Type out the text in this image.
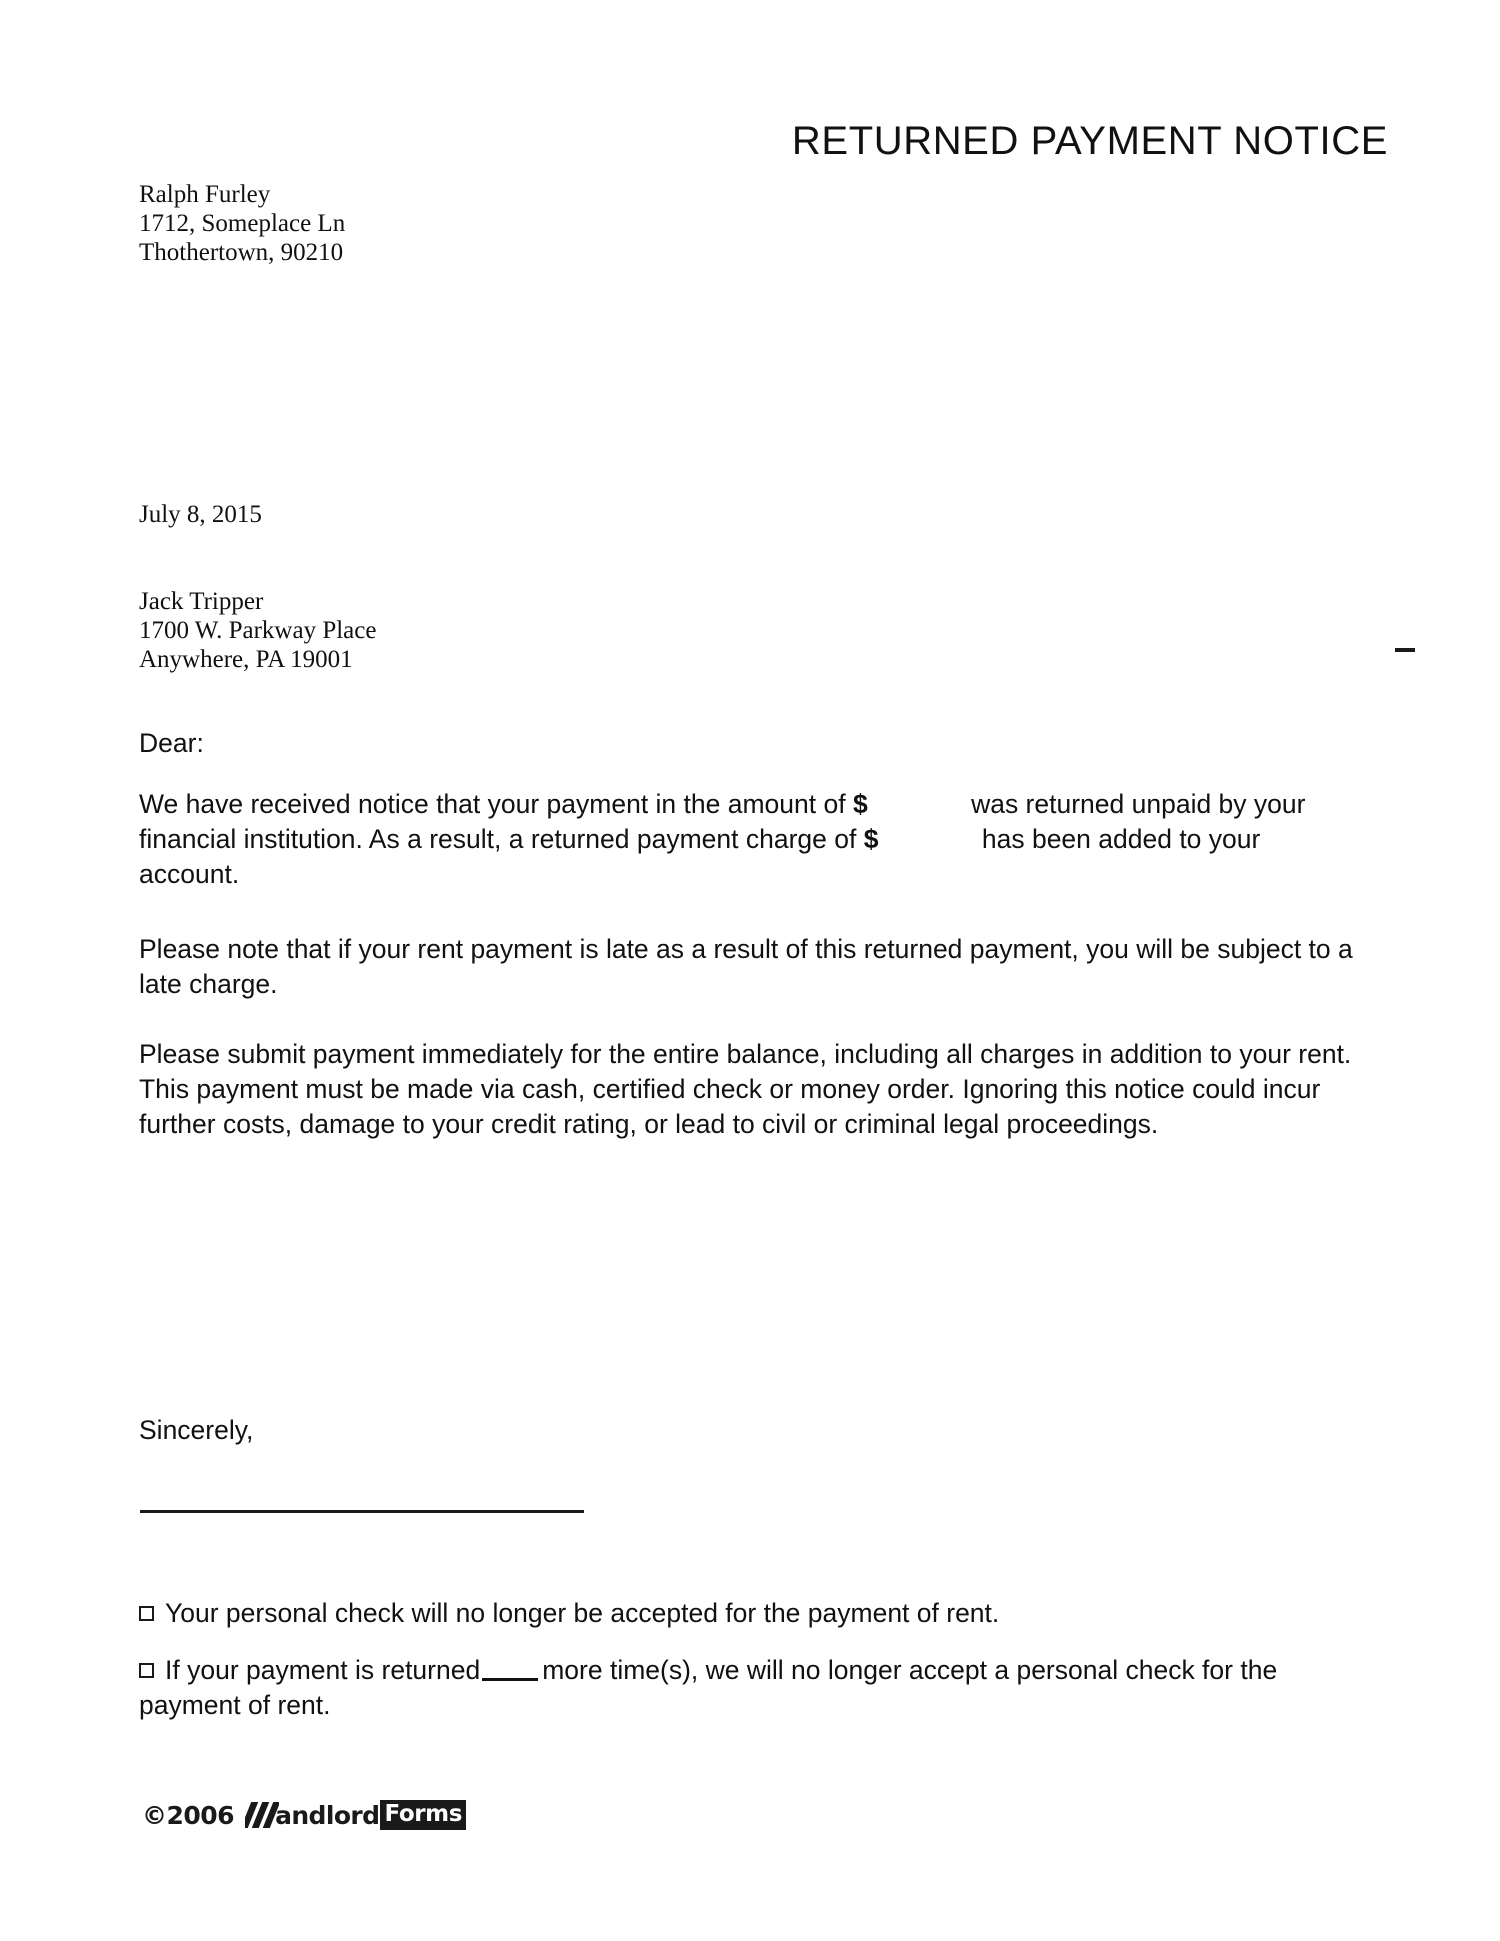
RETURNED PAYMENT NOTICE
Ralph Furley
1712, Someplace Ln
Thothertown, 90210
July 8, 2015
Jack Tripper
1700 W. Parkway Place
Anywhere, PA 19001
Dear:
We have received notice that your payment in the amount of $	was returned unpaid by your financial institution. As a result, a returned payment charge of $	has been added to your account.
Please note that if your rent payment is late as a result of this returned payment, you will be subject to a late charge.
Please submit payment immediately for the entire balance, including all charges in addition to your rent. This payment must be made via cash, certified check or money order. Ignoring this notice could incur further costs, damage to your credit rating, or lead to civil or criminal legal proceedings.
Sincerely,
Your personal check will no longer be accepted for the payment of rent.
If your payment is returned more time(s), we will no longer accept a personal check for the payment of rent.
©2006 andlord Forms
